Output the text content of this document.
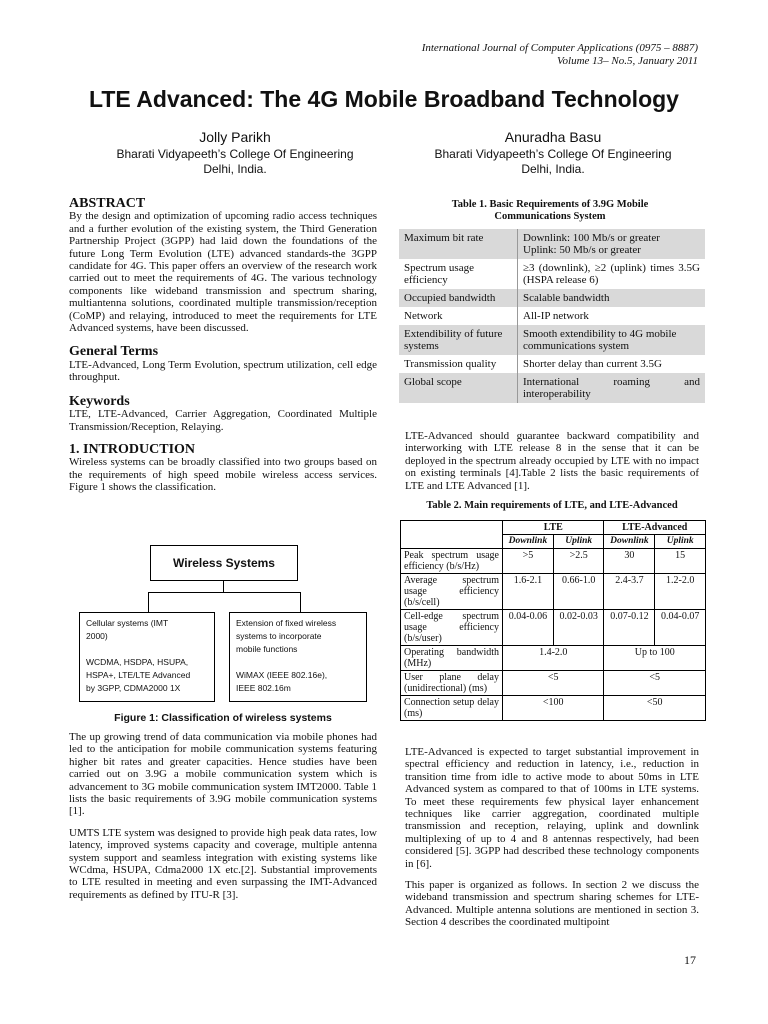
International Journal of Computer Applications (0975 – 8887)
Volume 13– No.5, January 2011
LTE Advanced: The 4G Mobile Broadband Technology
Jolly Parikh
Bharati Vidyapeeth’s College Of Engineering
Delhi, India.
Anuradha Basu
Bharati Vidyapeeth’s College Of Engineering
Delhi, India.
ABSTRACT

By the design and optimization of upcoming radio access techniques and a further evolution of the existing system, the Third Generation Partnership Project (3GPP) had laid down the foundations of the future Long Term Evolution (LTE) advanced standards-the 3GPP candidate for 4G. This paper offers an overview of the research work carried out to meet the requirements of 4G. The various technology components like wideband transmission and spectrum sharing, multiantenna solutions, coordinated multiple transmission/reception (CoMP) and relaying, introduced to meet the requirements for LTE Advanced systems, have been discussed.

General Terms

LTE-Advanced, Long Term Evolution, spectrum utilization, cell edge throughput.

Keywords

LTE, LTE-Advanced, Carrier Aggregation, Coordinated Multiple Transmission/Reception, Relaying.

1. INTRODUCTION

Wireless systems can be broadly classified into two groups based on the requirements of high speed mobile wireless access services. Figure 1 shows the classification.

Wireless Systems
Cellular systems (IMT
2000)

WCDMA, HSDPA, HSUPA,
HSPA+, LTE/LTE Advanced
by 3GPP, CDMA2000 1X
Extension of fixed wireless
systems to incorporate
mobile functions

WiMAX (IEEE 802.16e),
IEEE 802.16m
Figure 1: Classification of wireless systems

The up growing trend of data communication via mobile phones had led to the anticipation for mobile communication systems featuring higher bit rates and greater capacities. Hence studies have been carried out on 3.9G a mobile communication system which is advancement to 3G mobile communication system IMT2000. Table 1 lists the basic requirements of 3.9G mobile communication systems [1].

UMTS LTE system was designed to provide high peak data rates, low latency, improved systems capacity and coverage, multiple antenna system support and seamless integration with existing systems like WCdma, HSUPA, Cdma2000 1X etc.[2]. Substantial improvements to LTE resulted in meeting and even surpassing the IMT-Advanced requirements as defined by ITU-R [3].

Table 1. Basic Requirements of 3.9G Mobile Communications System
Maximum bit rate	Downlink: 100 Mb/s or greater
Uplink: 50 Mb/s or greater
Spectrum usage efficiency	≥3 (downlink), ≥2 (uplink) times 3.5G (HSPA release 6)
Occupied bandwidth	Scalable bandwidth
Network	All-IP network
Extendibility of future systems	Smooth extendibility to 4G mobile communications system
Transmission quality	Shorter delay than current 3.5G
Global scope	International roaming and interoperability

LTE-Advanced should guarantee backward compatibility and interworking with LTE release 8 in the sense that it can be deployed in the spectrum already occupied by LTE with no impact on existing terminals [4].Table 2 lists the basic requirements of LTE and LTE Advanced [1].

Table 2. Main requirements of LTE, and LTE-Advanced
	LTE		LTE-Advanced	
	Downlink	Uplink	Downlink	Uplink
Peak spectrum usage efficiency (b/s/Hz)	>5	>2.5	30	15
Average spectrum usage efficiency (b/s/cell)	1.6-2.1	0.66-1.0	2.4-3.7	1.2-2.0
Cell-edge spectrum usage efficiency (b/s/user)	0.04-0.06	0.02-0.03	0.07-0.12	0.04-0.07
Operating bandwidth (MHz)	1.4-2.0		Up to 100	
User plane delay (unidirectional) (ms)	<5		<5	
Connection setup delay (ms)	<100		<50	

LTE-Advanced is expected to target substantial improvement in spectral efficiency and reduction in latency, i.e., reduction in transition time from idle to active mode to about 50ms in LTE Advanced system as compared to that of 100ms in LTE systems. To meet these requirements few physical layer enhancement techniques like carrier aggregation, coordinated multiple transmission and reception, relaying, uplink and downlink multiplexing of up to 4 and 8 antennas respectively, had been considered [5]. 3GPP had described these technology components in [6].

This paper is organized as follows. In section 2 we discuss the wideband transmission and spectrum sharing schemes for LTE-Advanced. Multiple antenna solutions are mentioned in section 3. Section 4 describes the coordinated multipoint

17
